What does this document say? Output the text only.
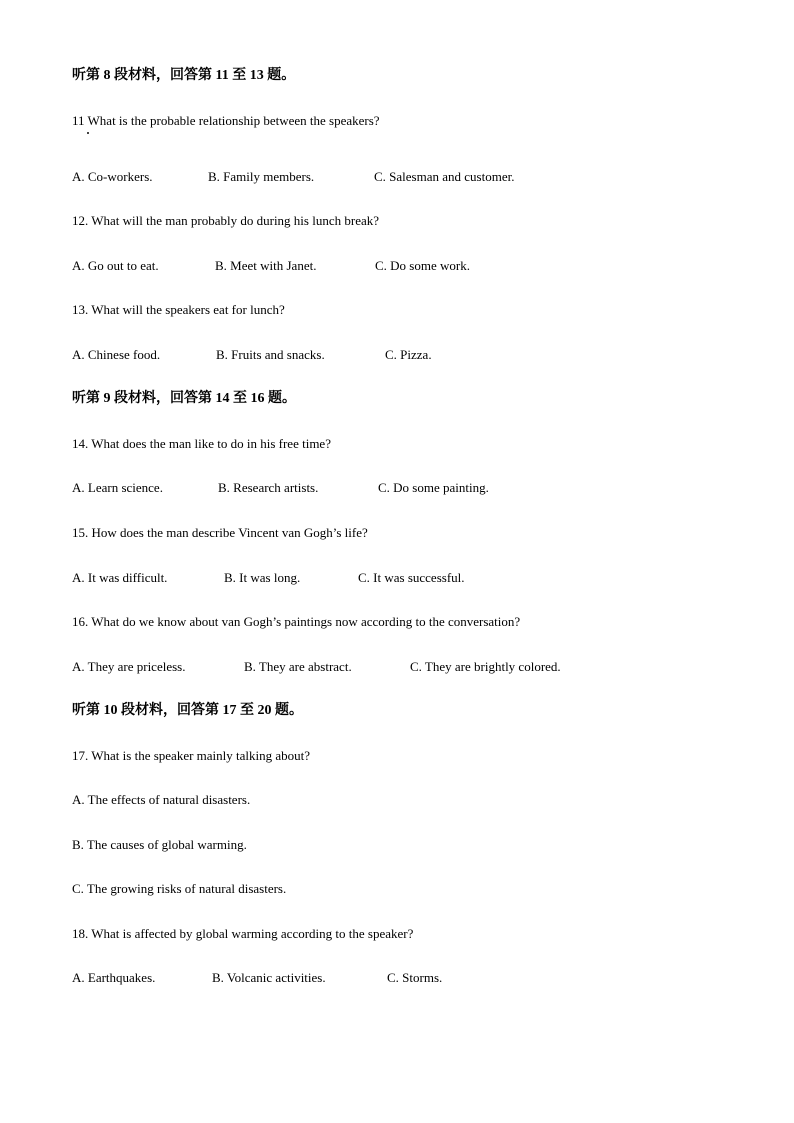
听第 8 段材料，回答第 11 至 13 题。
11 What is the probable relationship between the speakers?
A. Co-workers.	B. Family members.	C. Salesman and customer.
12. What will the man probably do during his lunch break?
A. Go out to eat.	B. Meet with Janet.	C. Do some work.
13. What will the speakers eat for lunch?
A. Chinese food.	B. Fruits and snacks.	C. Pizza.
听第 9 段材料，回答第 14 至 16 题。
14. What does the man like to do in his free time?
A. Learn science.	B. Research artists.	C. Do some painting.
15. How does the man describe Vincent van Gogh’s life?
A. It was difficult.	B. It was long.	C. It was successful.
16. What do we know about van Gogh’s paintings now according to the conversation?
A. They are priceless.	B. They are abstract.	C. They are brightly colored.
听第 10 段材料，回答第 17 至 20 题。
17. What is the speaker mainly talking about?
A. The effects of natural disasters.
B. The causes of global warming.
C. The growing risks of natural disasters.
18. What is affected by global warming according to the speaker?
A. Earthquakes.	B. Volcanic activities.	C. Storms.
